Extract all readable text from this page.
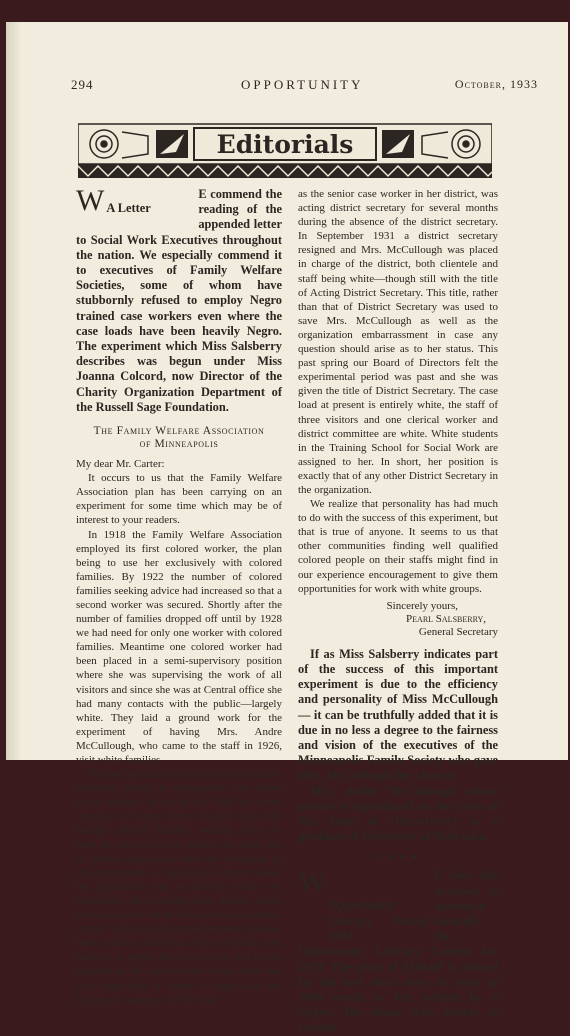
294	OPPORTUNITY	October, 1933
Editorials
W A Letter
E commend the reading of the appended letter to Social Work Executives throughout the nation. We especially commend it to executives of Family Welfare Societies, some of whom have stubbornly refused to employ Negro trained case workers even where the case loads have been heavily Negro. The experiment which Miss Salsberry describes was begun under Miss Joanna Colcord, now Director of the Charity Organization Department of the Russell Sage Foundation.
The Family Welfare Association
of Minneapolis

My dear Mr. Carter:

It occurs to us that the Family Welfare Association plan has been carrying on an experiment for some time which may be of interest to your readers.

In 1918 the Family Welfare Association employed its first colored worker, the plan being to use her exclusively with colored families. By 1922 the number of colored families seeking advice had increased so that a second worker was secured. Shortly after the number of families dropped off until by 1928 we had need for only one worker with colored families. Meantime one colored worker had been placed in a semi-supervisory position where she was supervising the work of all visitors and since she was at Central office she had many contacts with the public—largely white. They laid a ground work for the experiment of having Mrs. Andre McCullough, who came to the staff in 1926, visit white families.

She had previously visited colored families primarily, though in emergencies had visited white families. In the fall of 1928 we found ourselves with two colored workers with only enough colored families seeking advice to need the services of one worker and what was of greater importance from the viewpoint of this experiment—a vacancy in a district where the population was exclusively white. We placed Mrs. McCullough in this district, where in the course of the next two years she came in contact with probably three hundred families, their relatives and friends. No exceptions were made as to people she was to visit, that is, she handled all the work for the clients under her care, regardless of where it might take her. During the summer of 1930 she,

as the senior case worker in her district, was acting district secretary for several months during the absence of the district secretary. In September 1931 a district secretary resigned and Mrs. McCullough was placed in charge of the district, both clientele and staff being white—though still with the title of Acting District Secretary. This title, rather than that of District Secretary was used to save Mrs. McCullough as well as the organization embarrassment in case any question should arise as to her status. This past spring our Board of Directors felt the experimental period was past and she was given the title of District Secretary. The case load at present is entirely white, the staff of three visitors and one clerical worker and district committee are white. White students in the Training School for Social Work are assigned to her. In short, her position is exactly that of any other District Secretary in the organization.

We realize that personality has had much to do with the success of this experiment, but that is true of anyone. It seems to us that other communities finding well qualified colored people on their staffs might find in our experience encouragement to give them opportunities for work with white groups.

Sincerely yours,
Pearl Salsberry,
General Secretary

If as Miss Salsberry indicates part of the success of this important experiment is due to the efficiency and personality of Miss McCullough — it can be truthfully added that it is due in no less a degree to the fairness and vision of the executives of the Minneapolis Family Society who gave Mrs. McCullough her chance.

Mrs. Andre McCullough whose picture is reproduced on the cover of this issue of Opportunity is a graduate of University of Nebraska.

▼▼▼▼
W
Opportunity Literary Award 1933
E take this occasion to announce formally the Opportunity Literary Contest for 1933. The prize of $100.00 is offered for the best short story or essay of 5000 words or less written by a Negro. The donor who desires to remain
